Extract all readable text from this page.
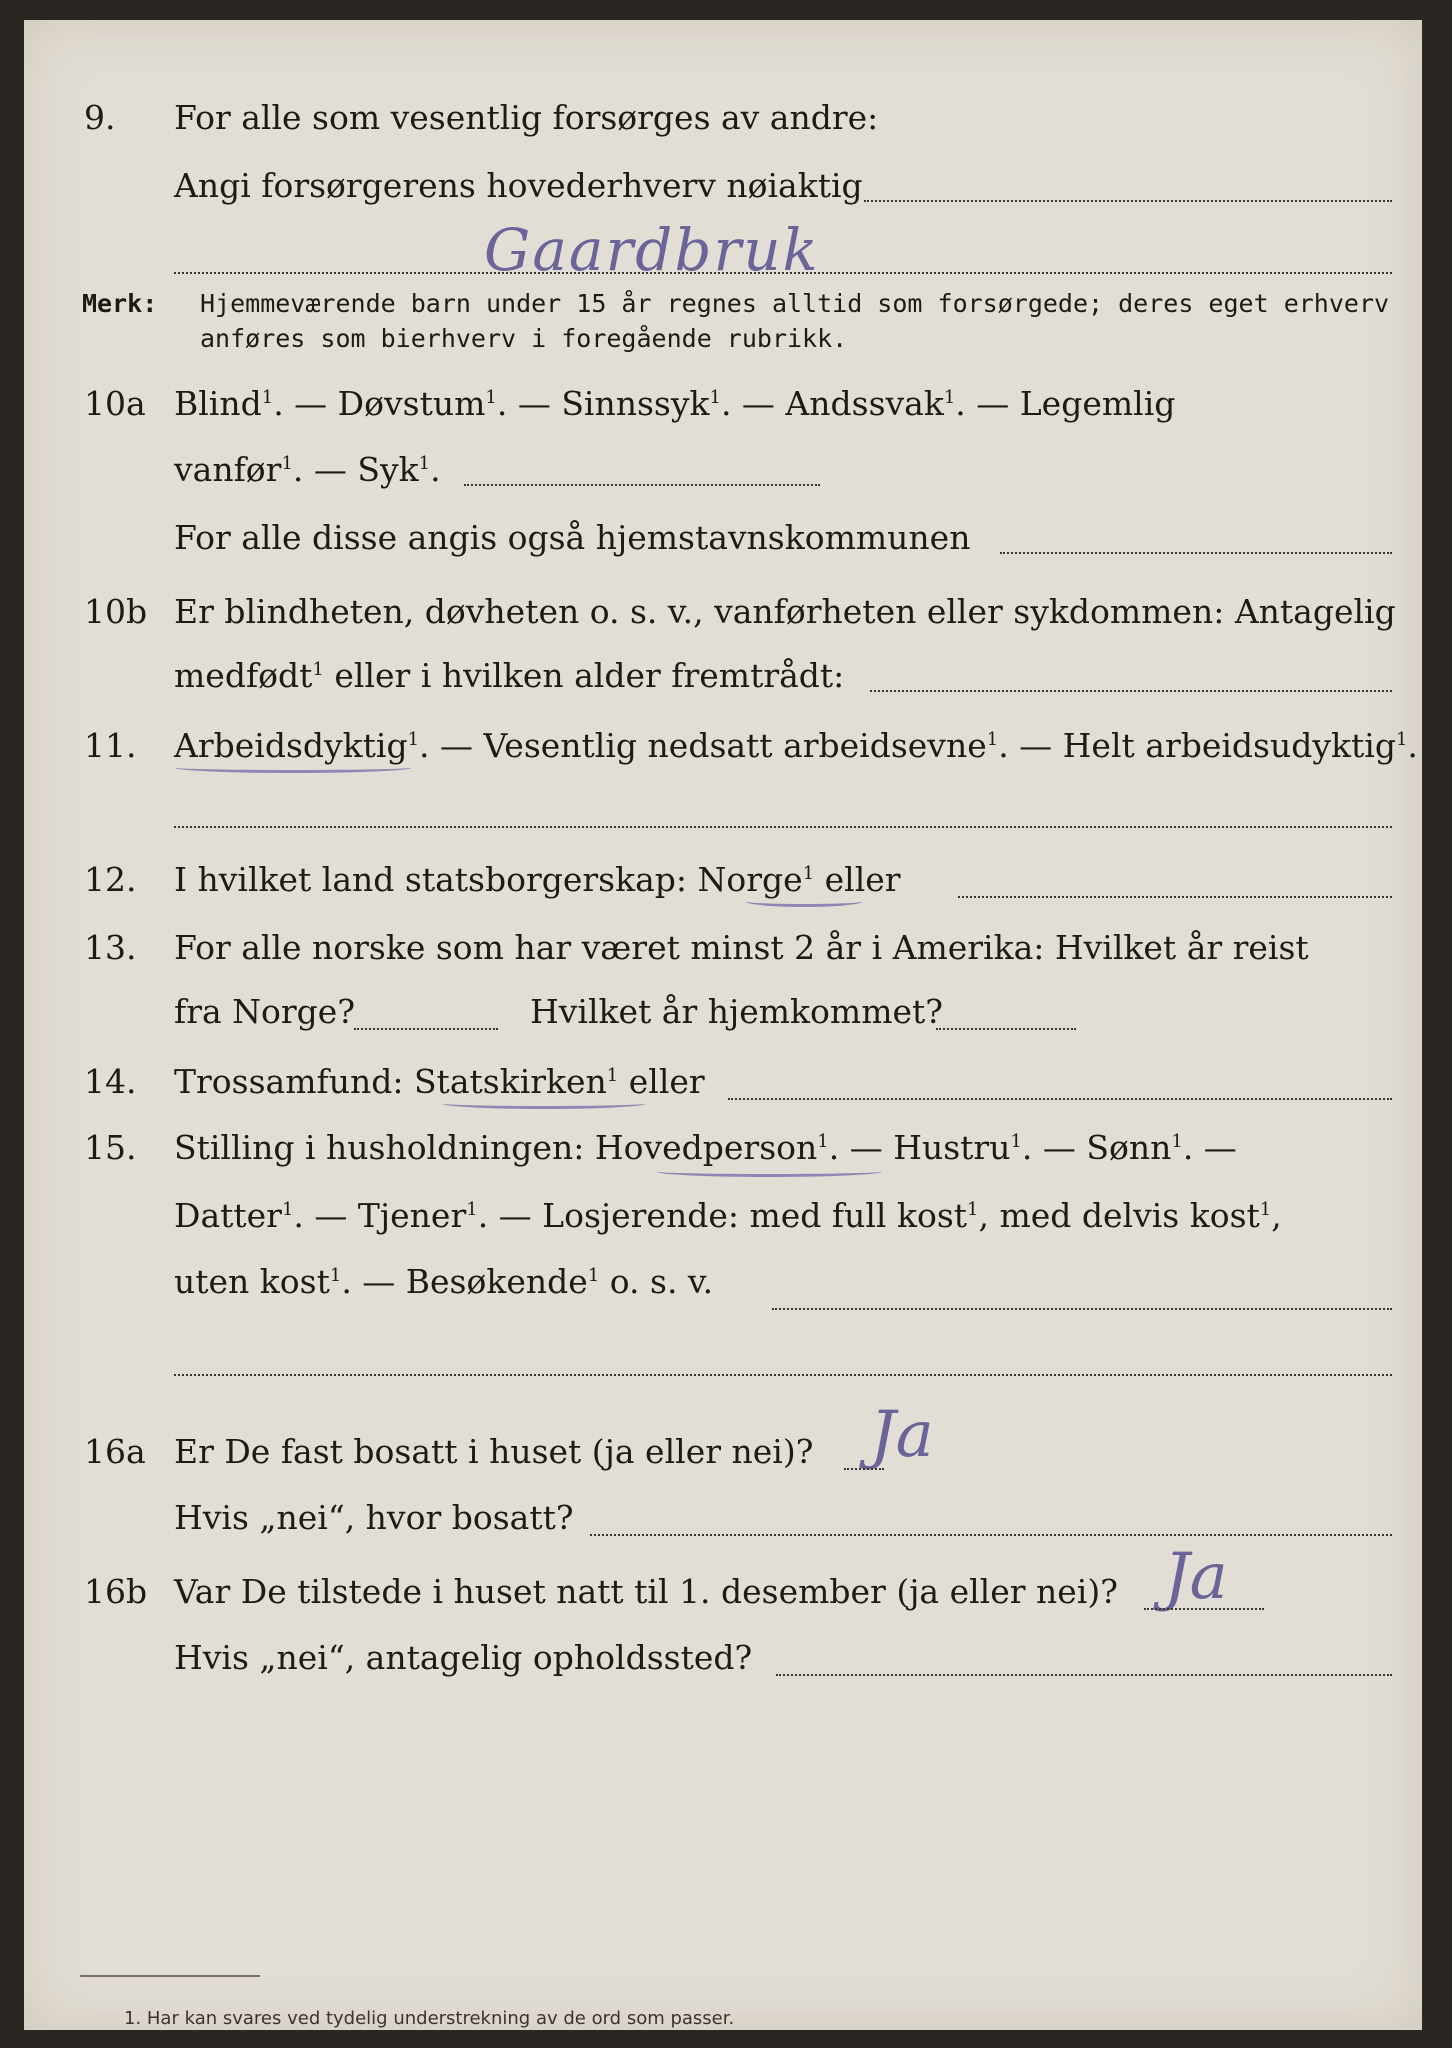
9. For alle som vesentlig forsørges av andre:
Angi forsørgerens hovederhverv nøiaktig
Gaardbruk
Merk: Hjemmeværende barn under 15 år regnes alltid som forsørgede; deres eget erhverv
anføres som bierhverv i foregående rubrikk.
10a Blind$^1$. — Døvstum$^1$. — Sinnssyk$^1$. — Andssvak$^1$. — Legemlig
vanfør$^1$. — Syk$^1$.
For alle disse angis også hjemstavnskommunen
10b Er blindheten, døvheten o. s. v., vanførheten eller sykdommen: Antagelig
medfødt$^1$ eller i hvilken alder fremtrådt:
11. Arbeidsdyktig$^1$. — Vesentlig nedsatt arbeidsevne$^1$. — Helt arbeidsudyktig$^1$.
12. I hvilket land statsborgerskap: Norge$^1$ eller
13. For alle norske som har været minst 2 år i Amerika: Hvilket år reist
fra Norge?	Hvilket år hjemkommet?
14. Trossamfund: Statskirken$^1$ eller
15. Stilling i husholdningen: Hovedperson$^1$. — Hustru$^1$. — Sønn$^1$. —
Datter$^1$. — Tjener$^1$. — Losjerende: med full kost$^1$, med delvis kost$^1$,
uten kost$^1$. — Besøkende$^1$ o. s. v.
16a Er De fast bosatt i huset (ja eller nei)? Ja
Hvis „nei“, hvor bosatt?
16b Var De tilstede i huset natt til 1. desember (ja eller nei)? Ja
Hvis „nei“, antagelig opholdssted?
1. Har kan svares ved tydelig understrekning av de ord som passer.
